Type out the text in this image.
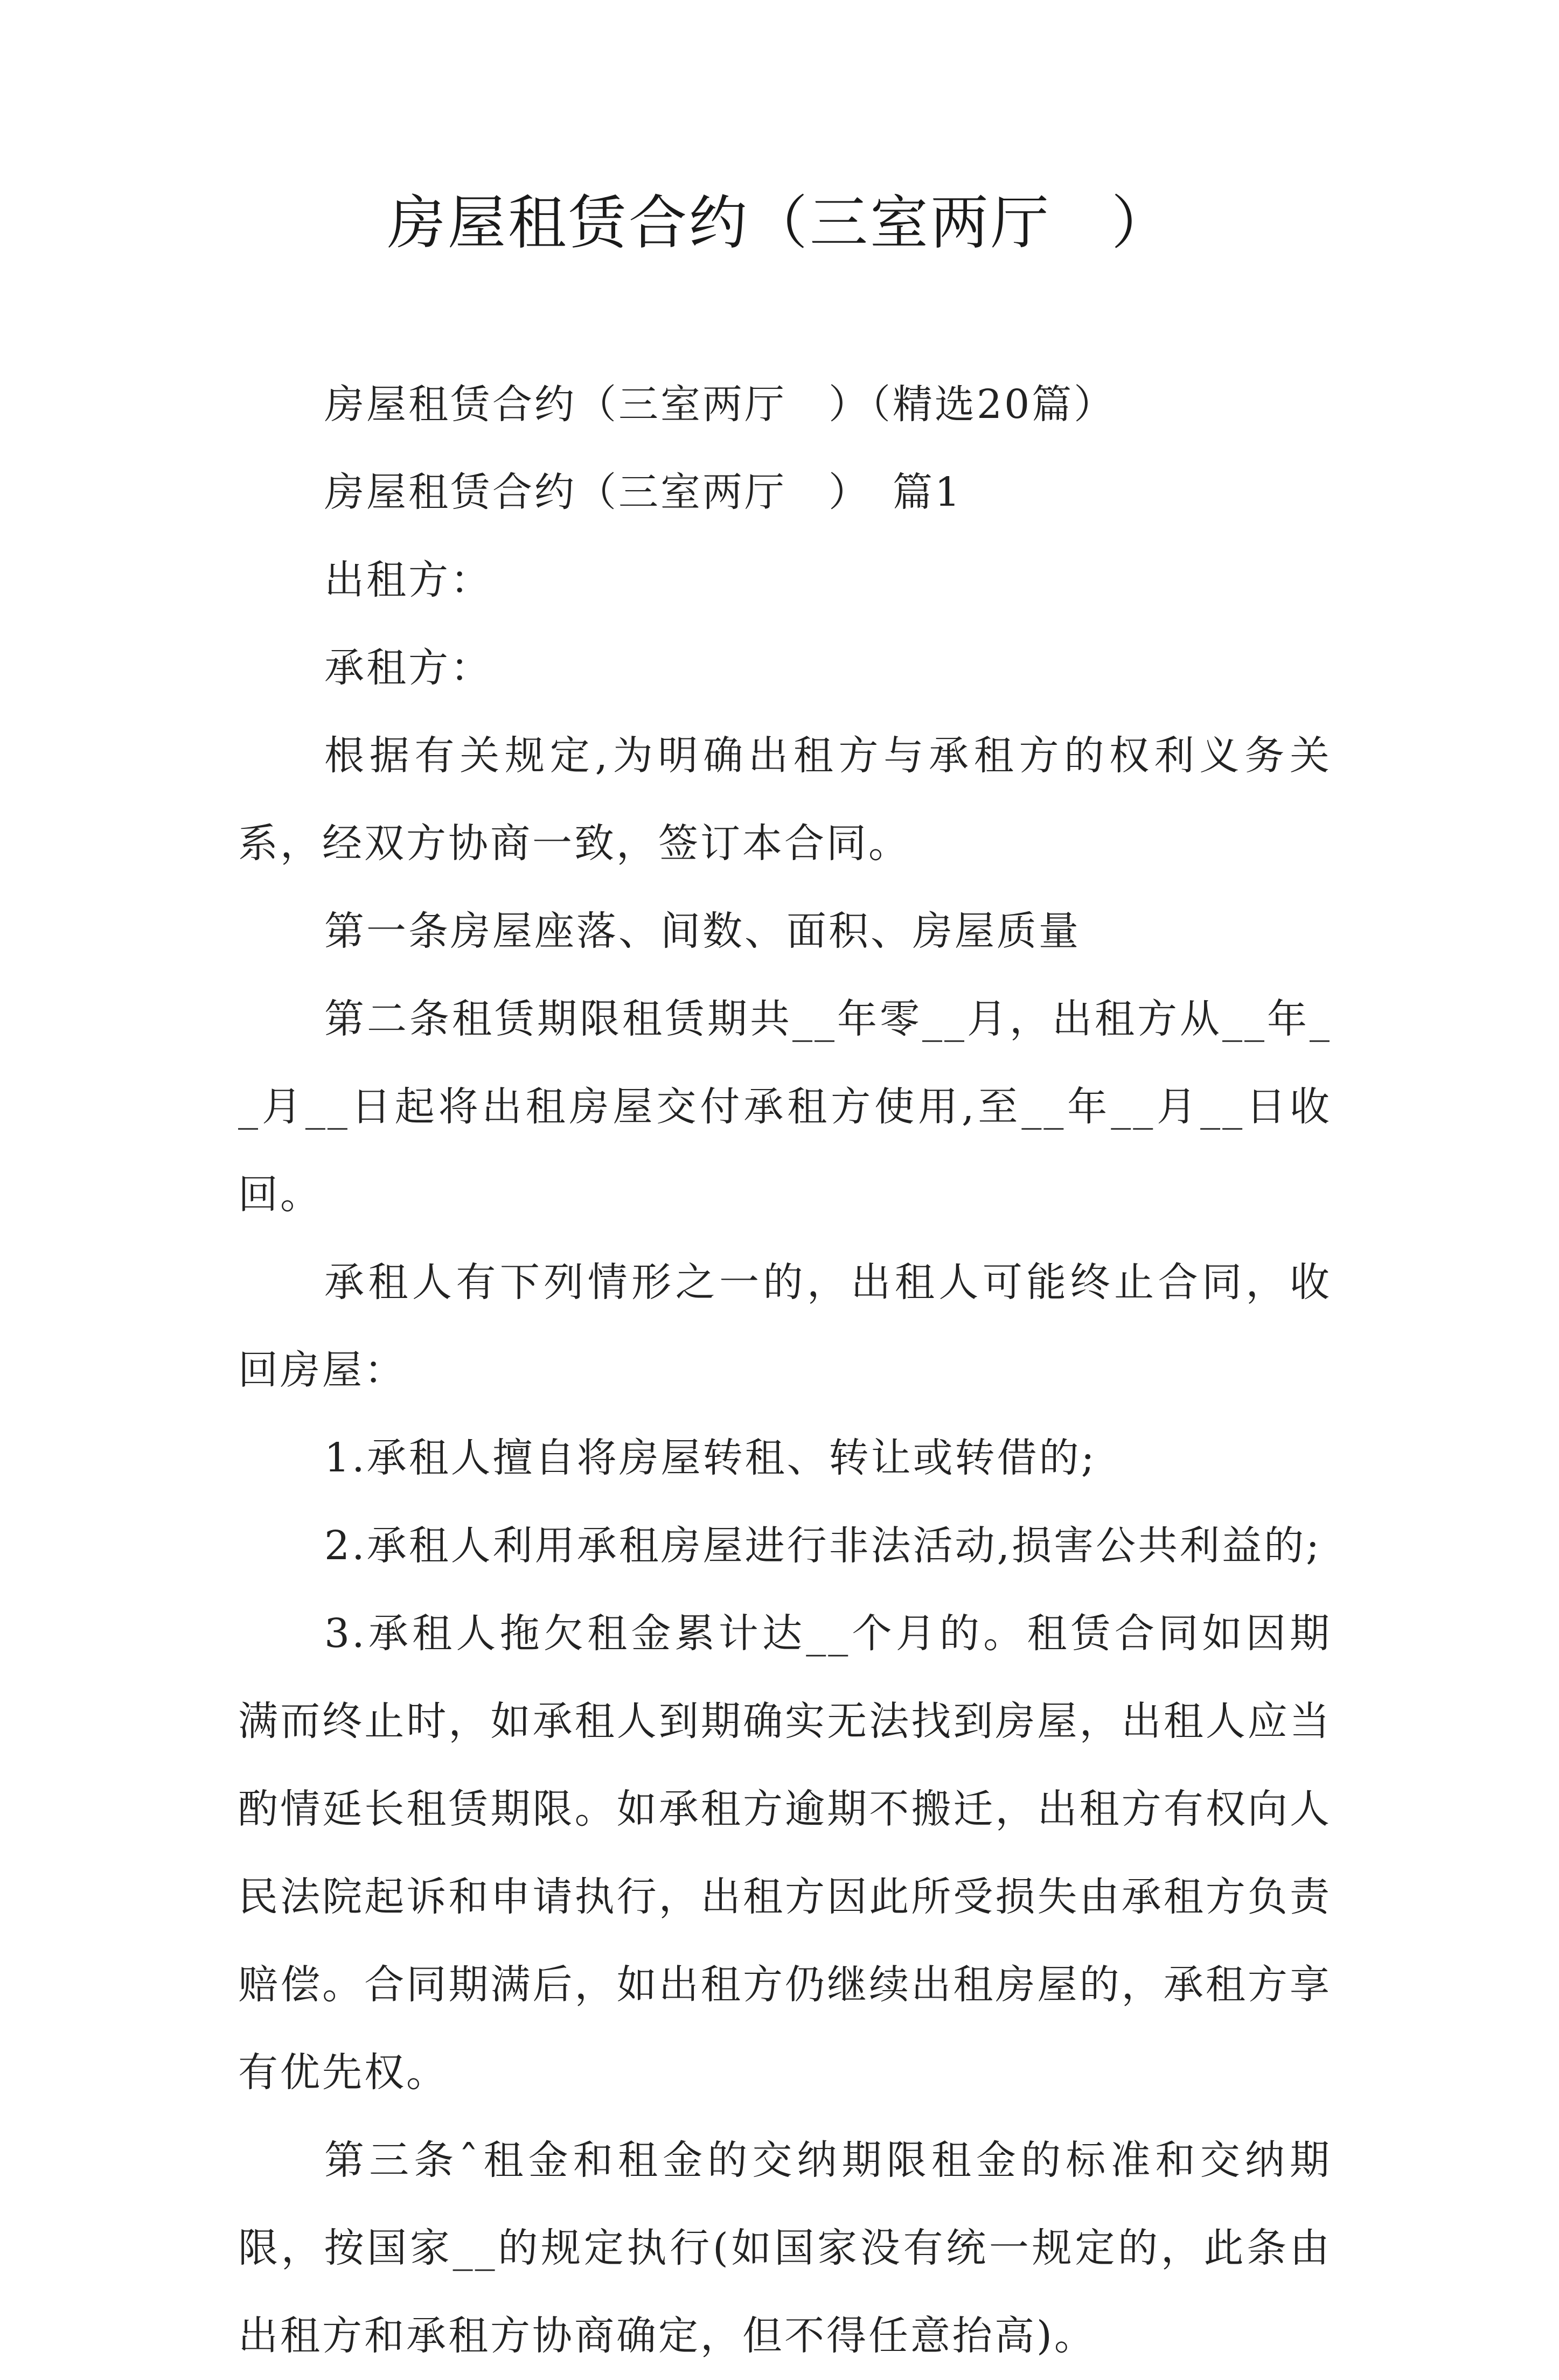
房屋租赁合约（三室两厅　）

房屋租赁合约（三室两厅　）（精选20篇）

房屋租赁合约（三室两厅　）　篇1

出租方：

承租方：

根据有关规定,为明确出租方与承租方的权利义务关系，经双方协商一致，签订本合同。

第一条房屋座落、间数、面积、房屋质量

第二条租赁期限租赁期共__年零__月，出租方从__年__月__日起将出租房屋交付承租方使用,至__年__月__日收回。

承租人有下列情形之一的，出租人可能终止合同，收回房屋：

1.承租人擅自将房屋转租、转让或转借的;

2.承租人利用承租房屋进行非法活动,损害公共利益的;

3.承租人拖欠租金累计达__个月的。租赁合同如因期满而终止时，如承租人到期确实无法找到房屋，出租人应当酌情延长租赁期限。如承租方逾期不搬迁，出租方有权向人民法院起诉和申请执行，出租方因此所受损失由承租方负责赔偿。合同期满后，如出租方仍继续出租房屋的，承租方享有优先权。

第三条ˆ租金和租金的交纳期限租金的标准和交纳期限，按国家__的规定执行(如国家没有统一规定的，此条由出租方和承租方协商确定，但不得任意抬高)。
